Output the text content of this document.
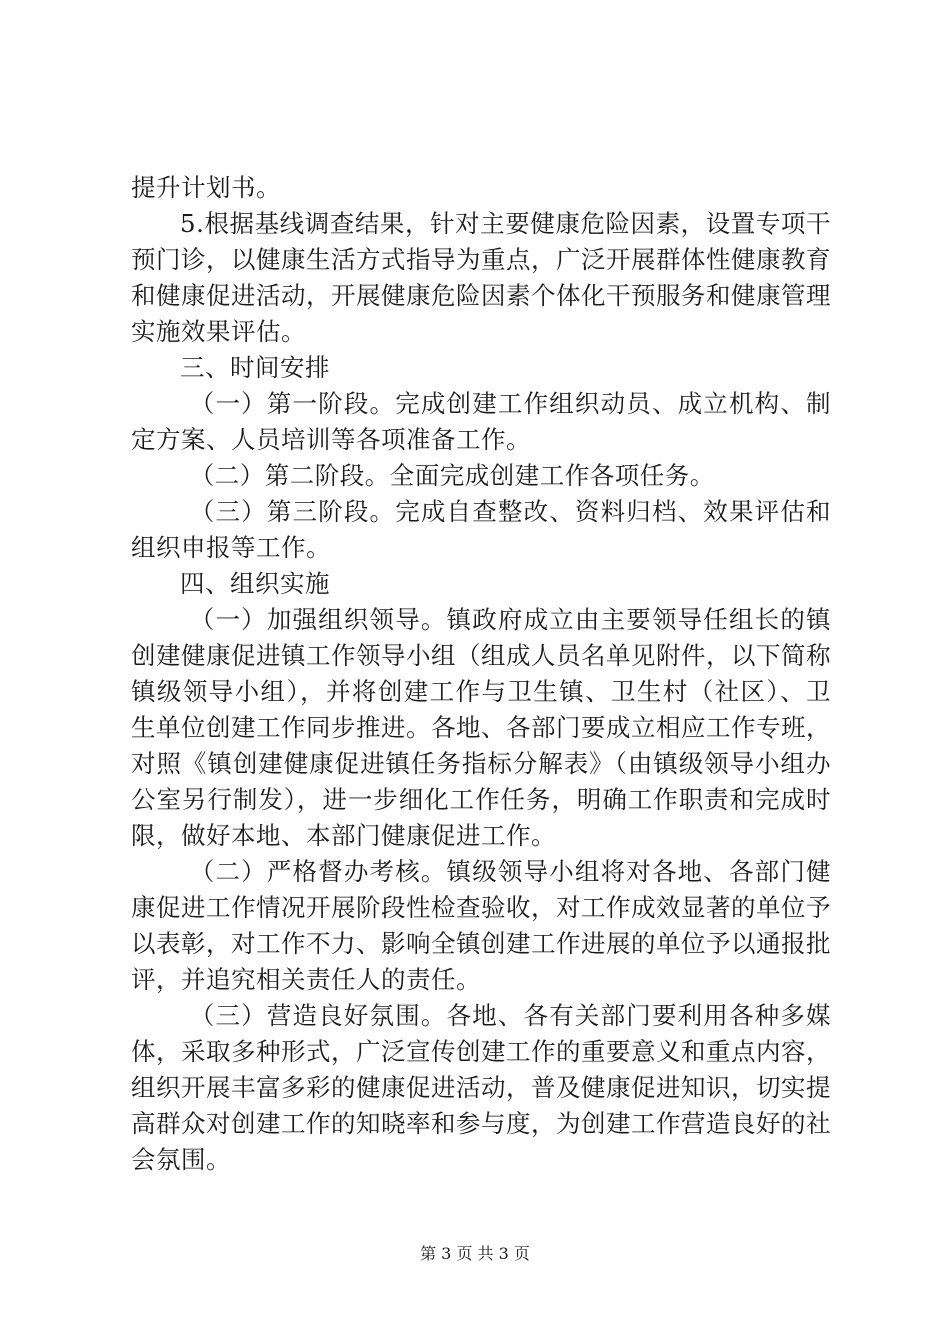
提升计划书。

5.根据基线调查结果，针对主要健康危险因素，设置专项干预门诊，以健康生活方式指导为重点，广泛开展群体性健康教育和健康促进活动，开展健康危险因素个体化干预服务和健康管理实施效果评估。

三、时间安排

（一）第一阶段。完成创建工作组织动员、成立机构、制定方案、人员培训等各项准备工作。

（二）第二阶段。全面完成创建工作各项任务。

（三）第三阶段。完成自查整改、资料归档、效果评估和组织申报等工作。

四、组织实施

（一）加强组织领导。镇政府成立由主要领导任组长的镇创建健康促进镇工作领导小组（组成人员名单见附件，以下简称镇级领导小组），并将创建工作与卫生镇、卫生村（社区）、卫生单位创建工作同步推进。各地、各部门要成立相应工作专班，对照《镇创建健康促进镇任务指标分解表》（由镇级领导小组办公室另行制发），进一步细化工作任务，明确工作职责和完成时限，做好本地、本部门健康促进工作。

（二）严格督办考核。镇级领导小组将对各地、各部门健康促进工作情况开展阶段性检查验收，对工作成效显著的单位予以表彰，对工作不力、影响全镇创建工作进展的单位予以通报批评，并追究相关责任人的责任。

（三）营造良好氛围。各地、各有关部门要利用各种多媒体，采取多种形式，广泛宣传创建工作的重要意义和重点内容，组织开展丰富多彩的健康促进活动，普及健康促进知识，切实提高群众对创建工作的知晓率和参与度，为创建工作营造良好的社会氛围。

第 3 页 共 3 页
